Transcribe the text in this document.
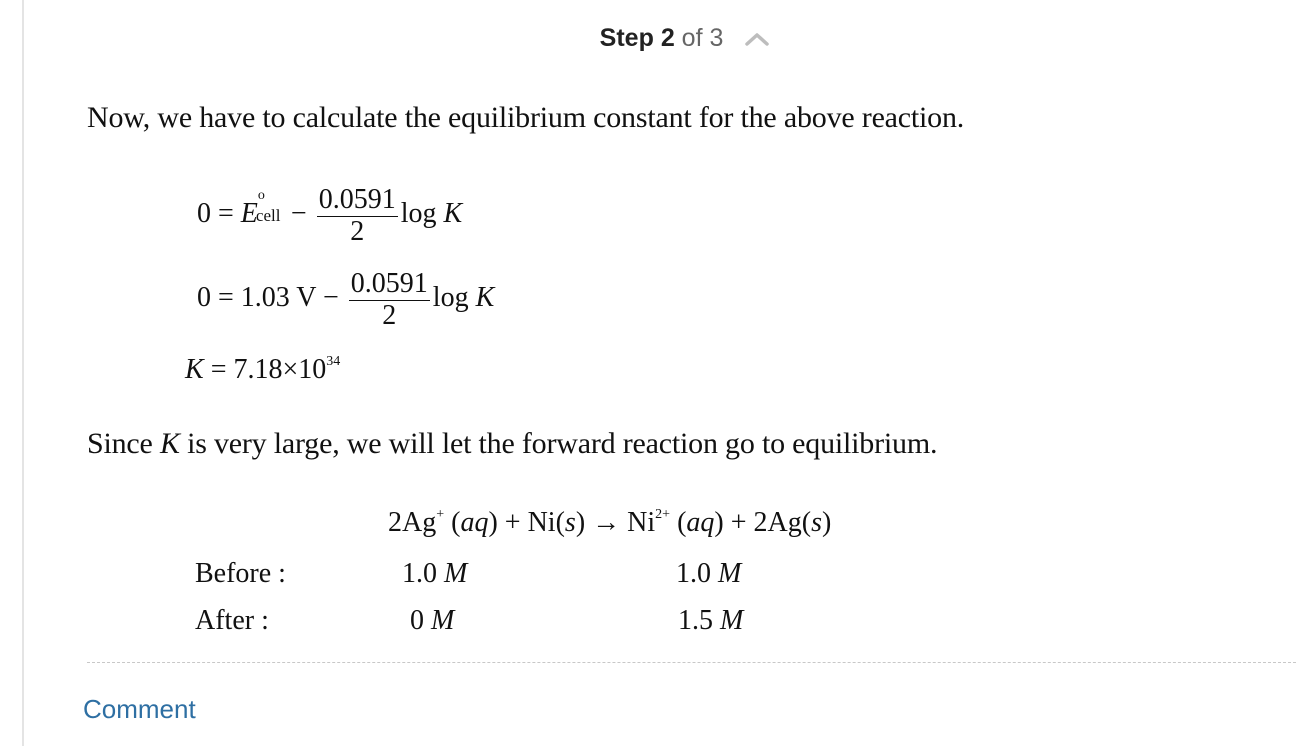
Step 2 of 3
Now, we have to calculate the equilibrium constant for the above reaction.
0 = E
o
cell − $\frac{0.0591}{2}$ log K
0 = 1.03 $V - \frac{0.0591}{2}$ log K
$K = 7.18\times 10^{34}$
Since K is very large, we will let the forward reaction go to equilibrium.
2Ag+ $(aq) + Ni(s) \to Ni^{2+}$ (aq) + 2Ag(s)
Before :
After :
1.0 M	1.0 M
0 M	1.5 M
Comment
